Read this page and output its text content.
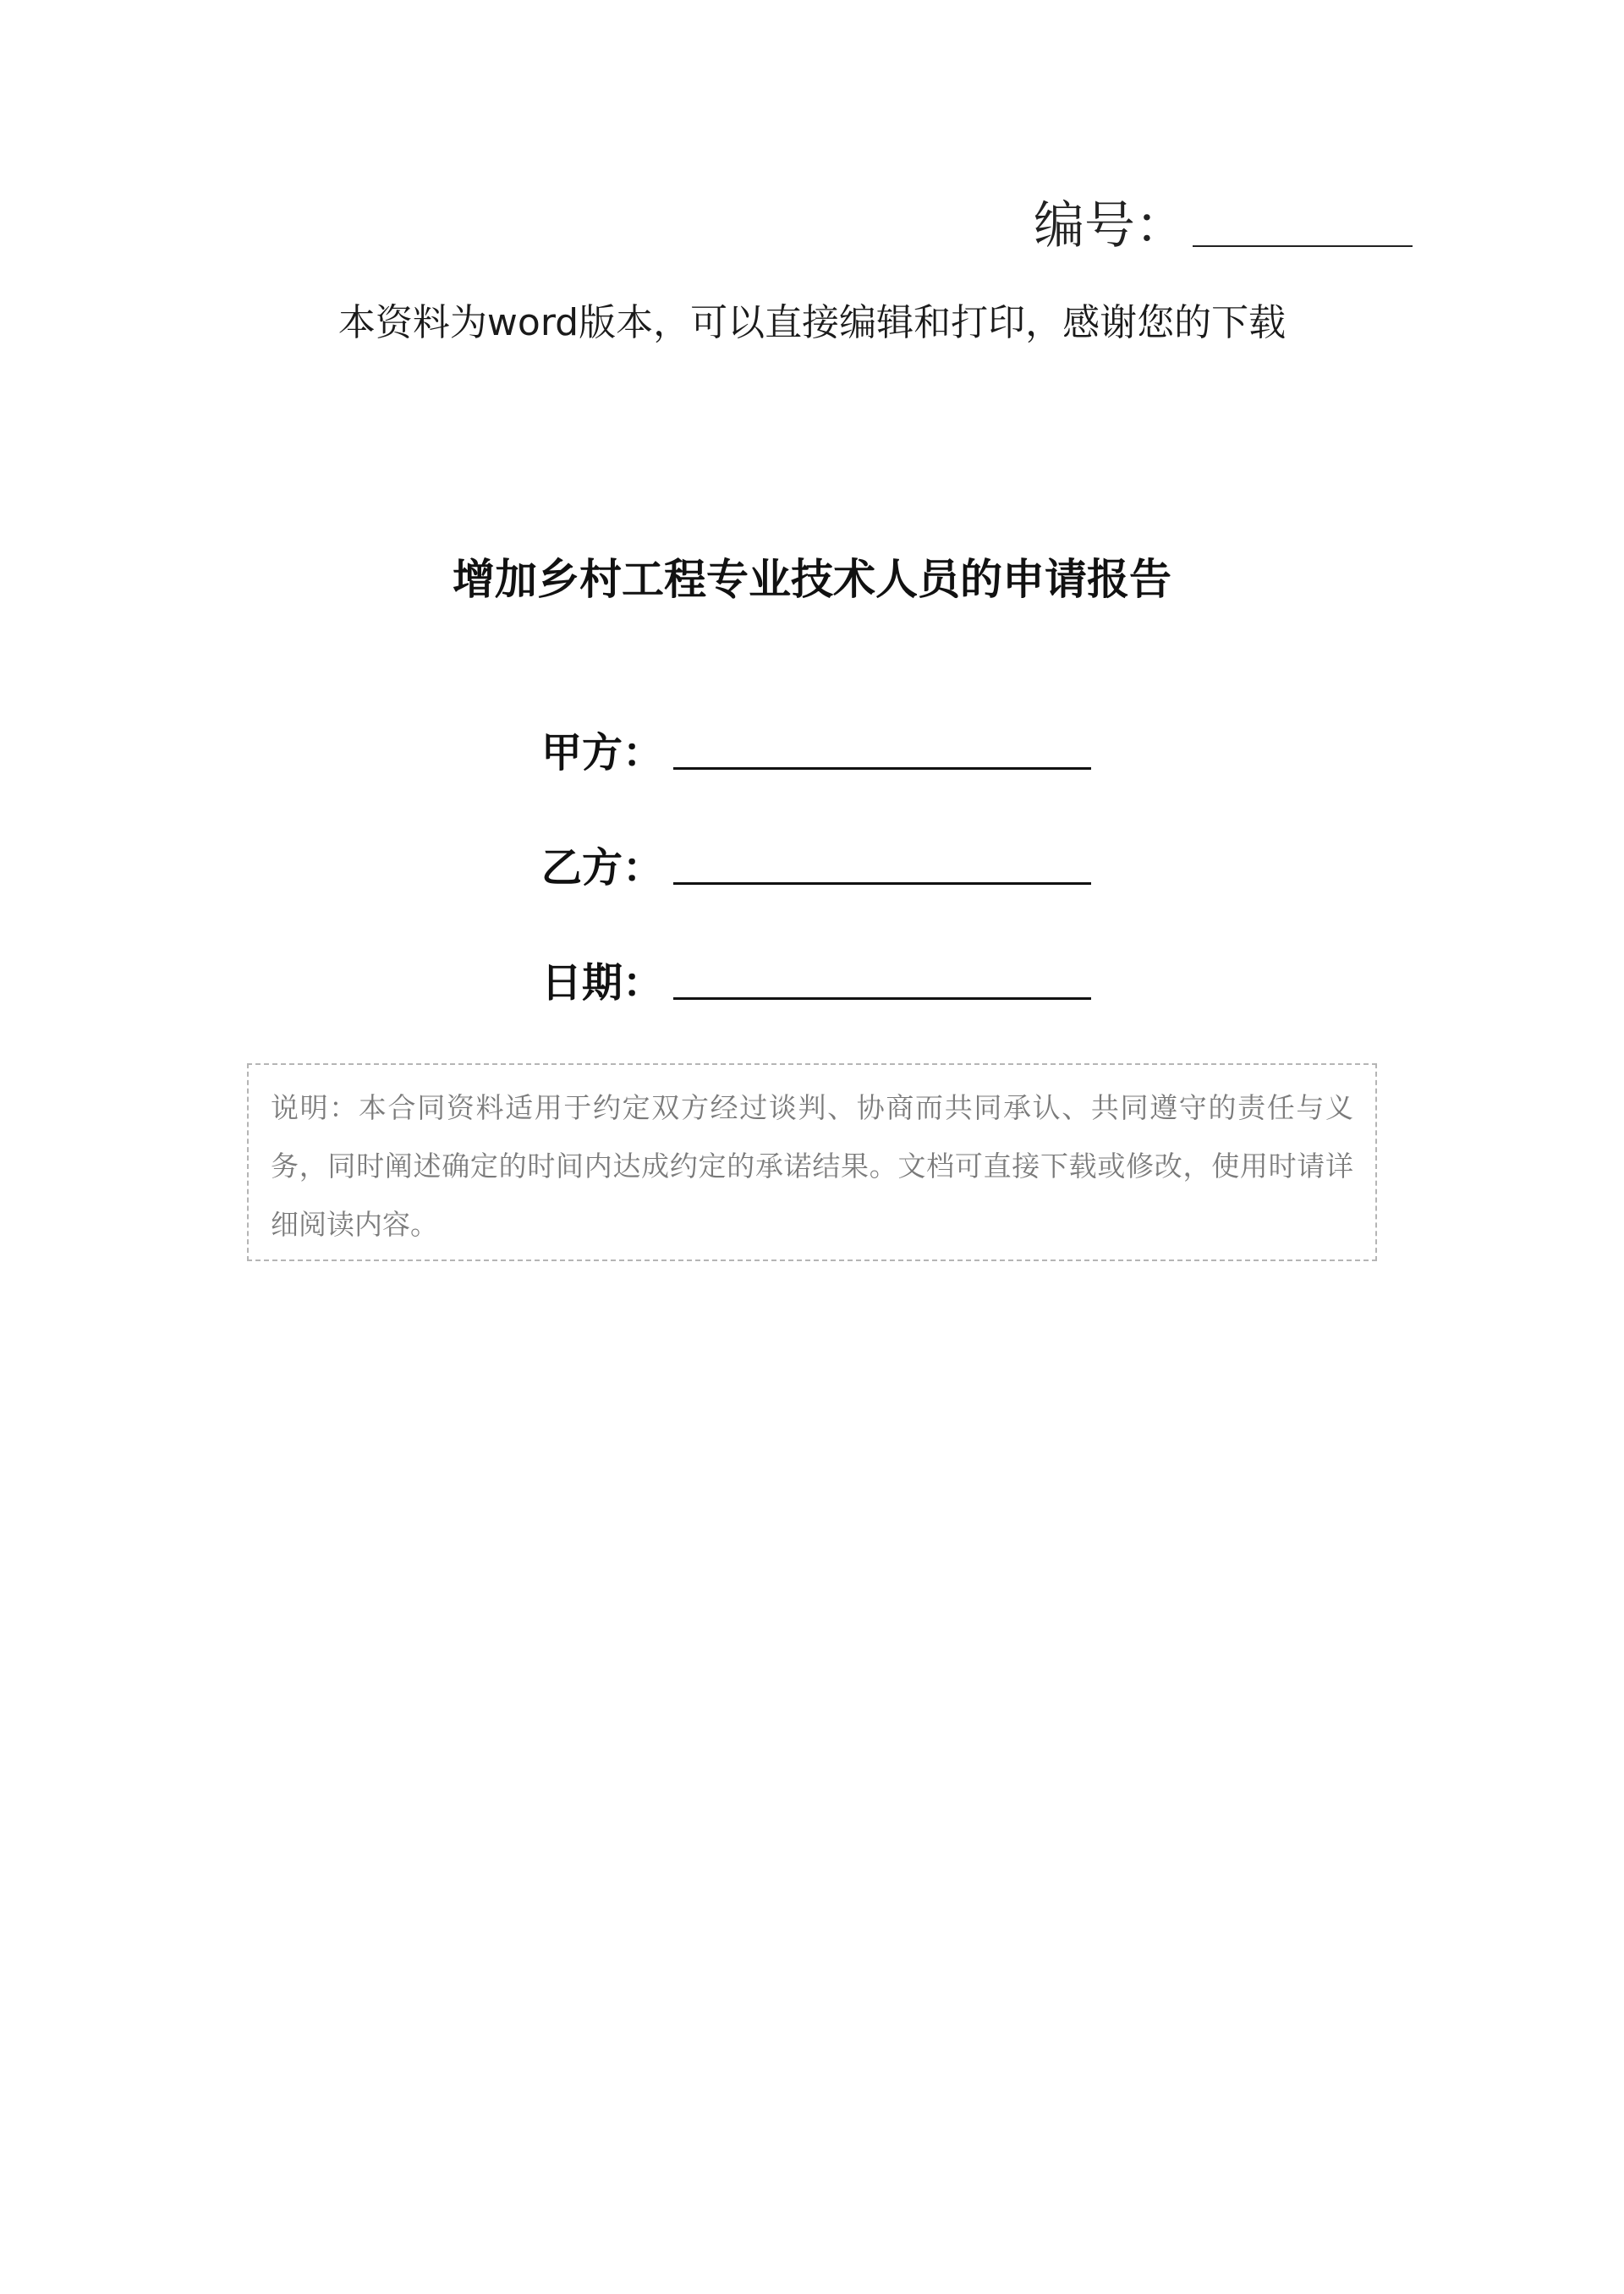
编号：
本资料为word版本，可以直接编辑和打印，感谢您的下载
增加乡村工程专业技术人员的申请报告
甲方：
乙方：
日期：
说明：本合同资料适用于约定双方经过谈判、协商而共同承认、共同遵守的责任与义务，同时阐述确定的时间内达成约定的承诺结果。文档可直接下载或修改，使用时请详细阅读内容。
